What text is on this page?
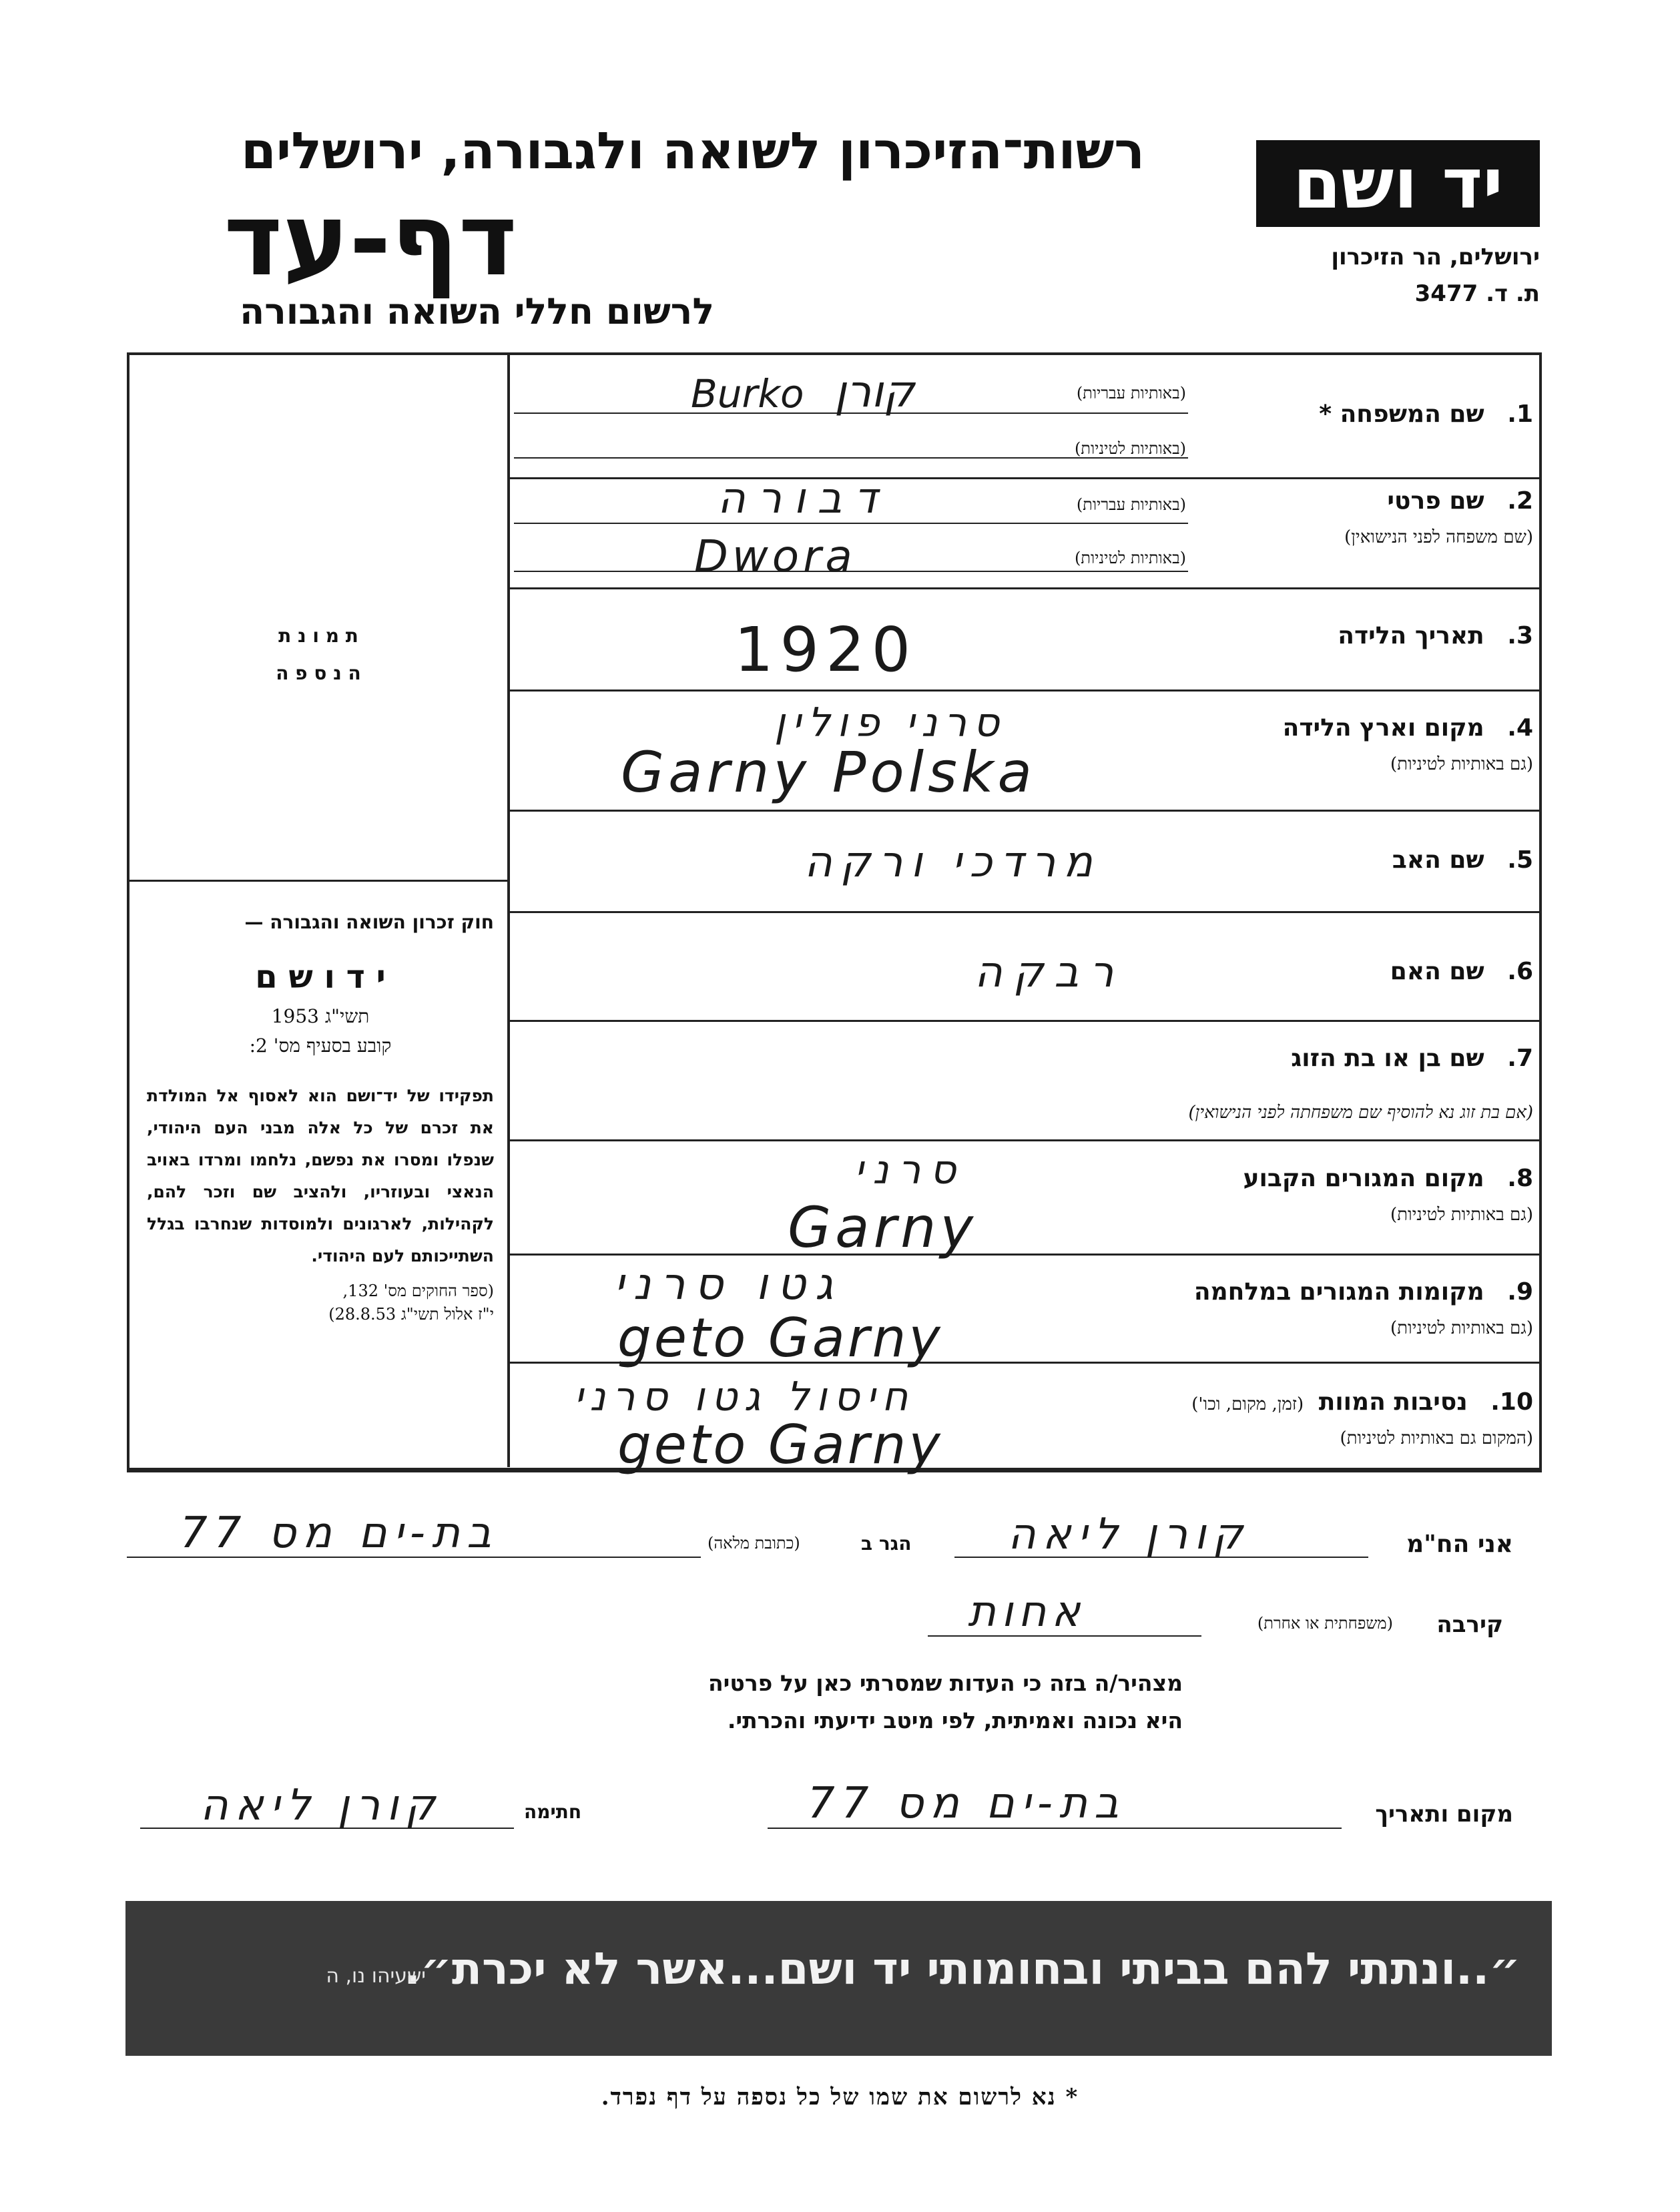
יד ושם
ירושלים, הר הזיכרון
ת. ד. 3477
רשות־הזיכרון לשואה ולגבורה, ירושלים
דף-עד
לרשום חללי השואה והגבורה
ת מ ו נ ת
ה נ ס פ ה
חוק זכרון השואה והגבורה —
י ד ו ש ם
תשי"ג 1953
קובע בסעיף מס' 2:
תפקידו של יד־ושם הוא לאסוף אל המולדת את זכרם של כל אלה מבני העם היהודי, שנפלו ומסרו את נפשם, נלחמו ומרדו באויב הנאצי ובעוזריו, ולהציב שם וזכר להם, לקהילות, לארגונים ולמוסדות שנחרבו בגלל השתייכותם לעם היהודי.
(ספר החוקים מס' 132,
י"ז אלול תשי"ג 28.8.53)
1. שם המשפחה *
(באותיות עבריות)
(באותיות לטיניות)
קורן
Burko
2. שם פרטי
(שם משפחה לפני הנישואין)
(באותיות עבריות)
(באותיות לטיניות)
דבורה
Dwora
3. תאריך הלידה
1920
4. מקום וארץ הלידה
(גם באותיות לטיניות)
סרני פולין
Garny Polska
5. שם האב
מרדכי ורקה
6. שם האם
רבקה
7. שם בן או בת הזוג
(אם בת זוג נא להוסיף שם משפחתה לפני הנישואין)
8. מקום המגורים הקבוע
(גם באותיות לטיניות)
סרני
Garny
9. מקומות המגורים במלחמה
(גם באותיות לטיניות)
גטו סרני
geto Garny
10. נסיבות המוות (זמן, מקום, וכו')
(המקום גם באותיות לטיניות)
חיסול גטו סרני
geto Garny
אני הח"מ
קורן ליאה
הגר ב
(כתובת מלאה)
בת-ים מס 77
קירבה
(משפחתית או אחרת)
אחות
מצהיר/ה בזה כי העדות שמסרתי כאן על פרטיה
היא נכונה ואמיתית, לפי מיטב ידיעתי והכרתי.
מקום ותאריך
בת-ים מס 77
חתימה
קורן ליאה
״..ונתתי להם בביתי ובחומותי יד ושם...אשר לא יכרת״.
ישעיהו נו, ה
* נא לרשום את שמו של כל נספה על דף נפרד.
